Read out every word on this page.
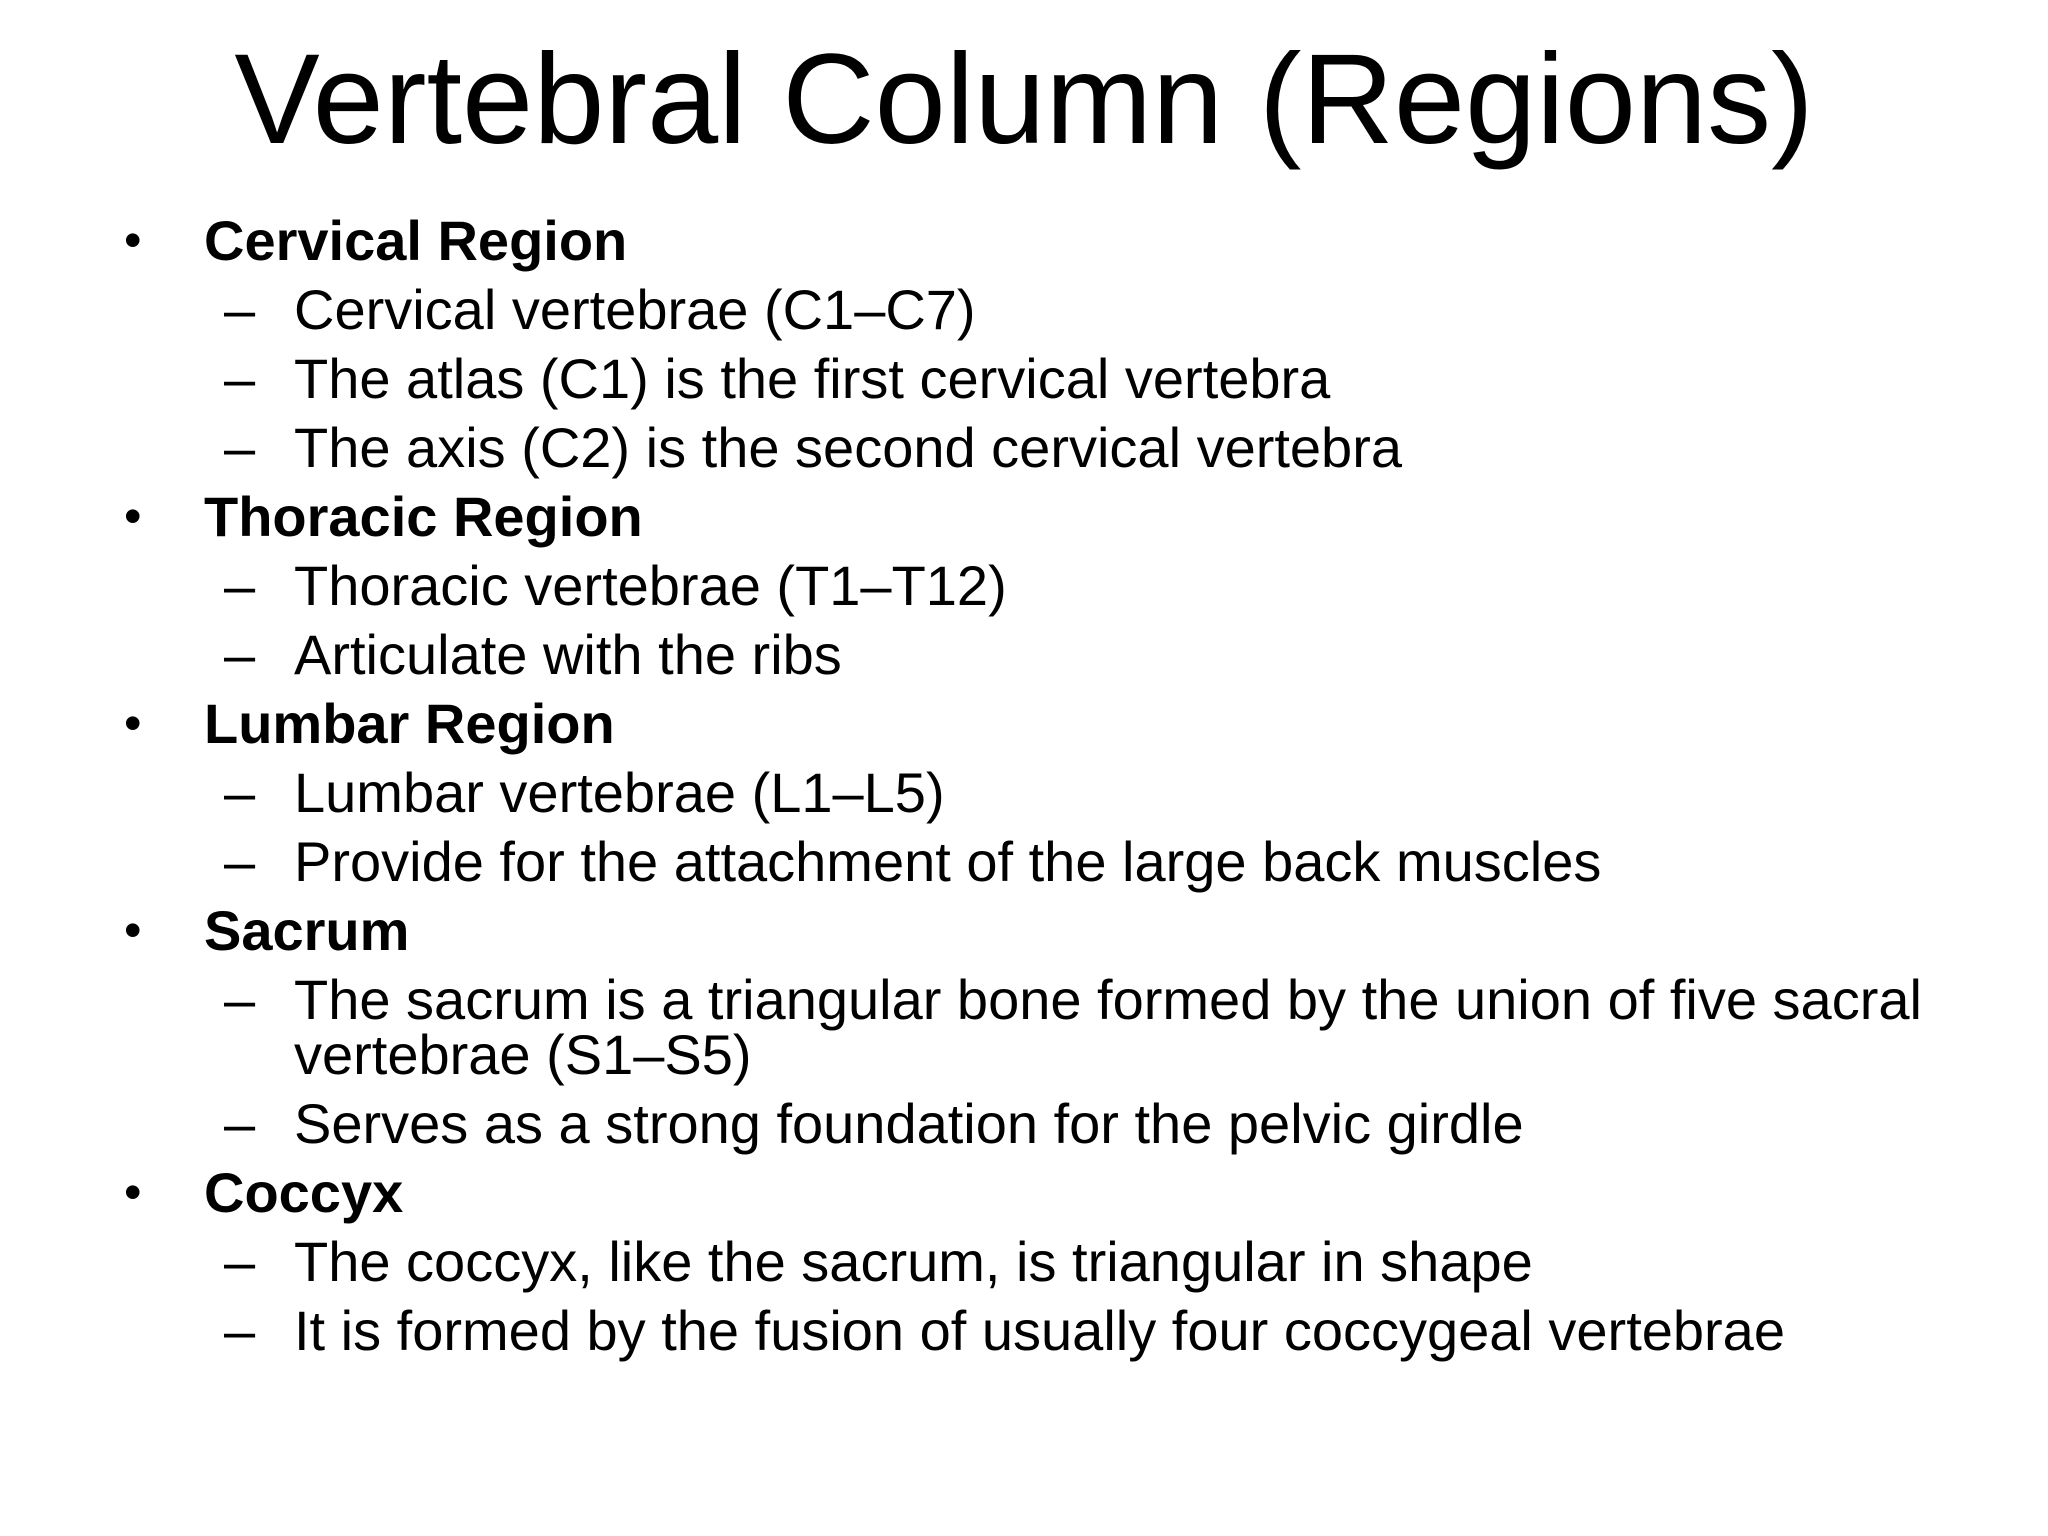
Vertebral Column (Regions)
•	Cervical Region
– Cervical vertebrae (C1–C7)
– The atlas (C1) is the first cervical vertebra
– The axis (C2) is the second cervical vertebra
•	Thoracic Region
– Thoracic vertebrae (T1–T12)
– Articulate with the ribs
•	Lumbar Region
– Lumbar vertebrae (L1–L5)
– Provide for the attachment of the large back muscles
•	Sacrum
– The sacrum is a triangular bone formed by the union of five sacral vertebrae (S1–S5)
– Serves as a strong foundation for the pelvic girdle
•	Coccyx
– The coccyx, like the sacrum, is triangular in shape
– It is formed by the fusion of usually four coccygeal vertebrae
